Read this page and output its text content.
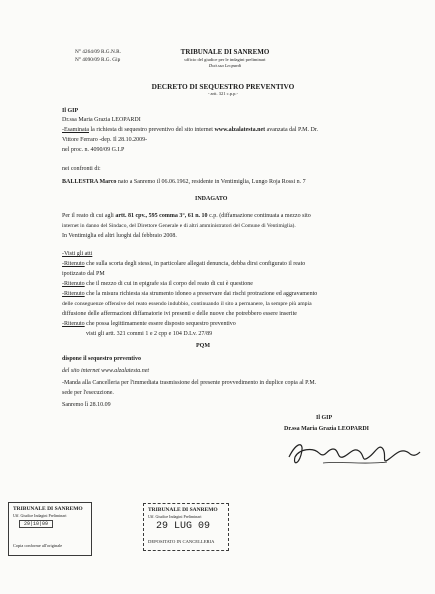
N° 4264/09 R.G.N.R.
N° 4090/09 R.G. Gip
TRIBUNALE DI SANREMO
ufficio del giudice per le indagini preliminari
Dott.ssa Leopardi
DECRETO DI SEQUESTRO PREVENTIVO
- artt. 321 c.p.p.-
Il GIP
Dr.ssa Maria Grazia LEOPARDI
-Esaminata la richiesta di sequestro preventivo del sito internet www.alzalatesta.net avanzata dal P.M. Dr.
Vittore Ferraro -dep. Il 28.10.2009-
nel proc. n. 4090/09 G.I.P
nei confronti di:
BALLESTRA Marco nato a Sanremo il 06.06.1962, residente in Ventimiglia, Lungo Roja Rossi n. 7
INDAGATO
Per il reato di cui agli artt. 81 cpv., 595 comma 3°, 61 n. 10 c.p. (diffamazione continuata a mezzo sito
internet in danno del Sindaco, del Direttore Generale e di altri amministratori del Comune di Ventimiglia).
In Ventimiglia ed altri luoghi dal febbraio 2008.
-Visti gli atti
-Ritenuto che sulla scorta degli stessi, in particolare allegati denuncia, debba dirsi configurato il reato
ipotizzato dal PM
-Ritenuto che il mezzo di cui in epigrafe sia il corpo del reato di cui è questione
-Ritenuto che la misura richiesta sia strumento idoneo a preservare dai rischi protrazione ed aggravamento
delle conseguenze offensive del reato essendo indubbio, continuando il sito a permanere, la sempre più ampia
diffusione delle affermazioni diffamatorie ivi presenti e delle nuove che potrebbero essere inserite
-Ritenuto che possa legittimamente essere disposto sequestro preventivo
visti gli artt. 321 commi 1 e 2 cpp e 104 D.Lv. 27/89
PQM
dispone il sequestro preventivo
del sito internet www.alzalatesta.net
-Manda alla Cancelleria per l'immediata trasmissione del presente provvedimento in duplice copia al P.M.
sede per l'esecuzione.
Sanremo lì 28.10.09
Il GIP
Dr.ssa Maria Grazia LEOPARDI
TRIBUNALE DI SANREMO
Uff. Giudice Indagini Preliminari
29|10|09
Copia conforme all'originale
TRIBUNALE DI SANREMO
Uff. Giudice Indagini Preliminari
29 LUG 09
DEPOSITATO IN CANCELLERIA
